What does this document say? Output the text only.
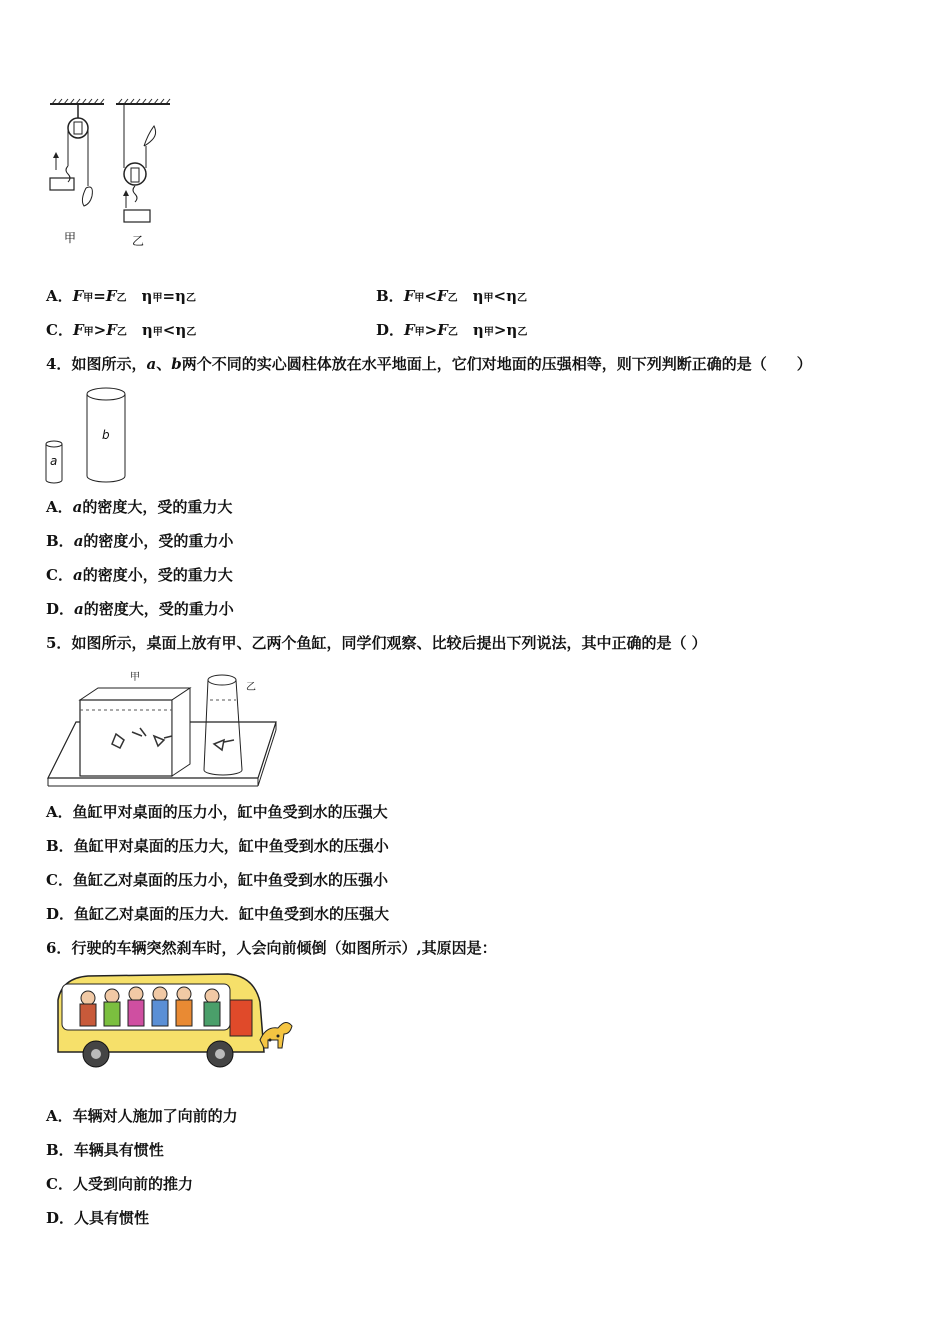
甲	乙
A．F甲=F乙　 η甲=η乙	B．F甲<F乙　 η甲<η乙
C．F甲>F乙　 η甲<η乙	D．F甲>F乙　 η甲>η乙
4．如图所示，a、b两个不同的实心圆柱体放在水平地面上，它们对地面的压强相等，则下列判断正确的是（　　）
a
b
A．a的密度大，受的重力大
B．a的密度小，受的重力小
C．a的密度小，受的重力大
D．a的密度大，受的重力小
5．如图所示，桌面上放有甲、乙两个鱼缸，同学们观察、比较后提出下列说法，其中正确的是（ ）
甲
乙
A．鱼缸甲对桌面的压力小，缸中鱼受到水的压强大
B．鱼缸甲对桌面的压力大，缸中鱼受到水的压强小
C．鱼缸乙对桌面的压力小，缸中鱼受到水的压强小
D．鱼缸乙对桌面的压力大．缸中鱼受到水的压强大
6．行驶的车辆突然刹车时，人会向前倾倒（如图所示）,其原因是：
A．车辆对人施加了向前的力
B．车辆具有惯性
C．人受到向前的推力
D．人具有惯性
